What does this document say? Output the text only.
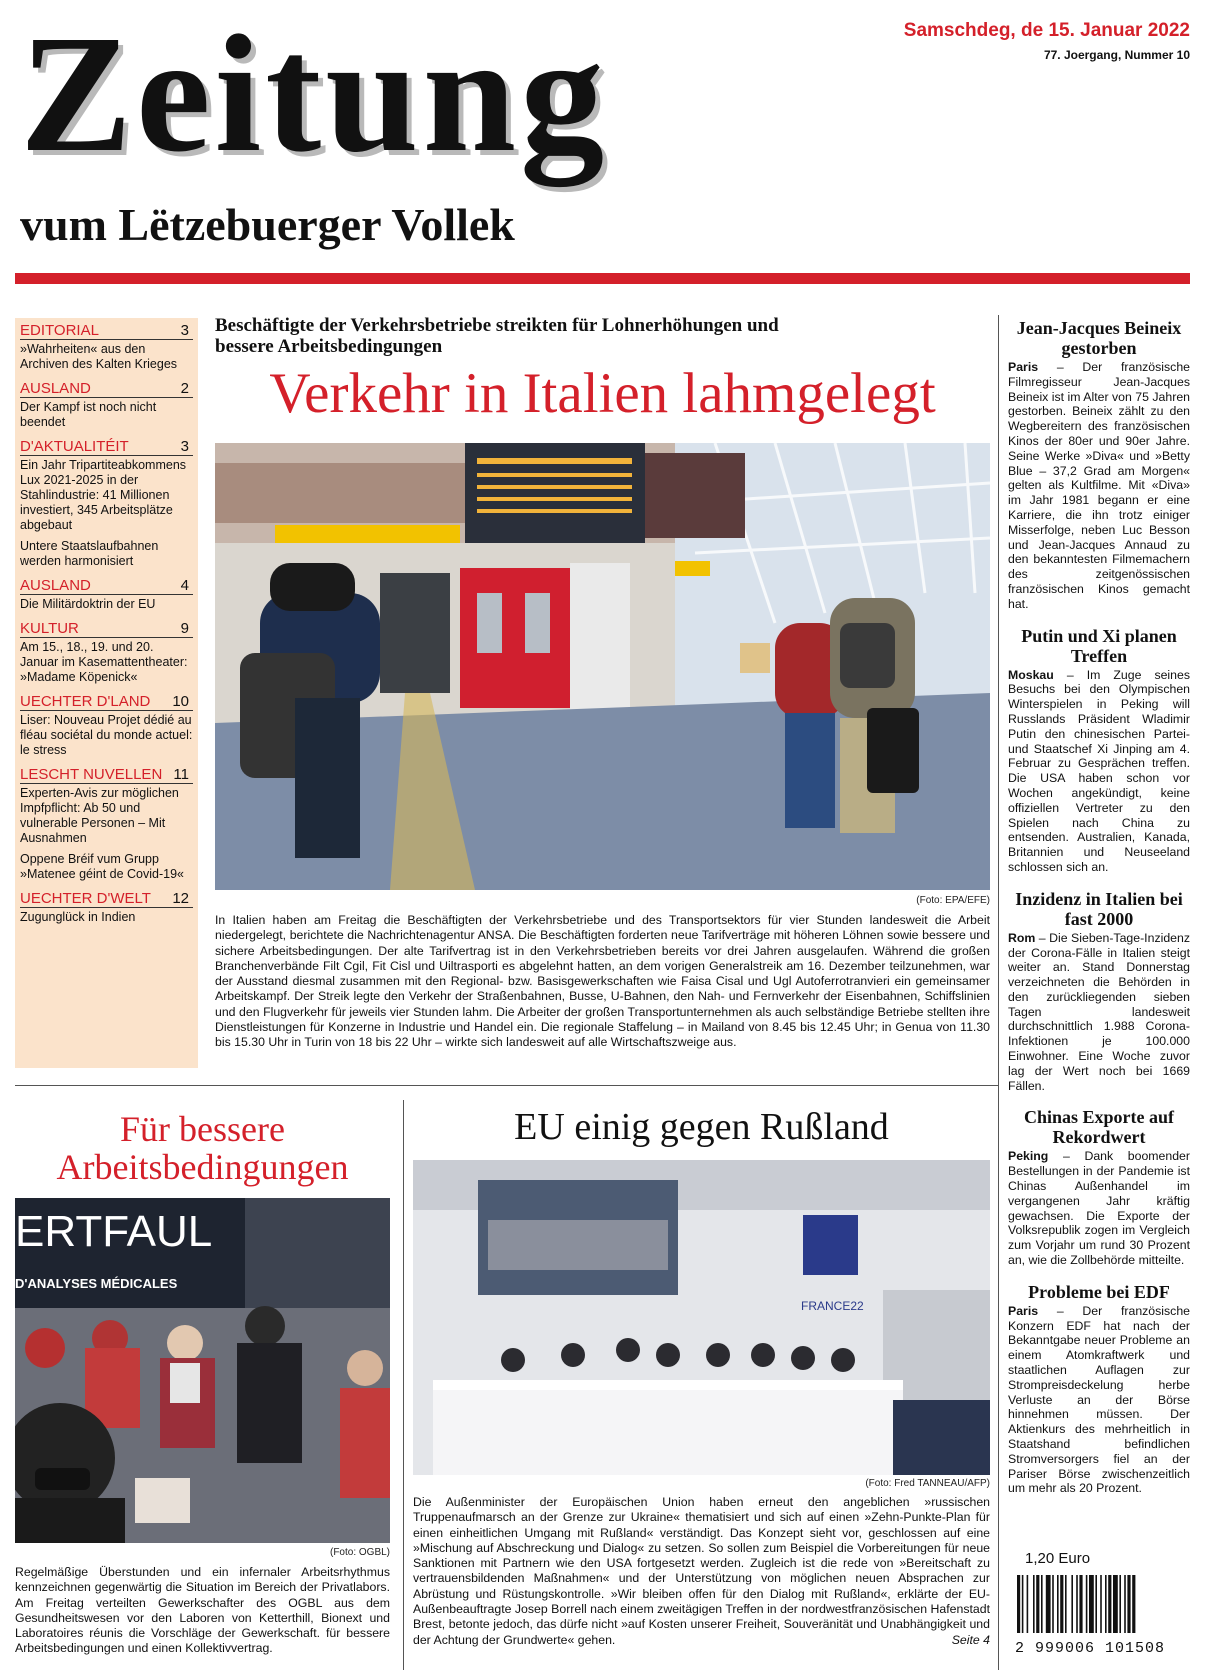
Zeitung
vum Lëtzebuerger Vollek
Samschdeg, de 15. Januar 2022
77. Joergang, Nummer 10
EDITORIAL	3
»Wahrheiten« aus den Archiven des Kalten Krieges
AUSLAND	2
Der Kampf ist noch nicht beendet
D'AKTUALITÉIT	3
Ein Jahr Tripartiteabkommens Lux 2021-2025 in der Stahlindustrie: 41 Millionen investiert, 345 Arbeitsplätze abgebaut
Untere Staatslaufbahnen werden harmonisiert
AUSLAND	4
Die Militärdoktrin der EU
KULTUR	9
Am 15., 18., 19. und 20. Januar im Kasemattentheater: »Madame Köpenick«
UECHTER D'LAND 10
Liser: Nouveau Projet dédié au fléau sociétal du monde actuel: le stress
LESCHT NUVELLEN 11
Experten-Avis zur möglichen Impfpflicht: Ab 50 und vulnerable Personen – Mit Ausnahmen
Oppene Bréif vum Grupp »Matenee géint de Covid-19«
UECHTER D'WELT 12
Zugunglück in Indien
Beschäftigte der Verkehrsbetriebe streikten für Lohnerhöhungen und bessere Arbeitsbedingungen
Verkehr in Italien lahmgelegt
(Foto: EPA/EFE)
In Italien haben am Freitag die Beschäftigten der Verkehrsbetriebe und des Transportsektors für vier Stunden landesweit die Arbeit niedergelegt, berichtete die Nachrichtenagentur ANSA. Die Beschäftigten forderten neue Tarifverträge mit höheren Löhnen sowie bessere und sichere Arbeitsbedingungen. Der alte Tarifvertrag ist in den Verkehrsbetrieben bereits vor drei Jahren ausgelaufen. Während die großen Branchenverbände Filt Cgil, Fit Cisl und Uiltrasporti es abgelehnt hatten, an dem vorigen Generalstreik am 16. Dezember teilzunehmen, war der Ausstand diesmal zusammen mit den Regional- bzw. Basisgewerkschaften wie Faisa Cisal und Ugl Autoferrotranvieri ein gemeinsamer Arbeitskampf. Der Streik legte den Verkehr der Straßenbahnen, Busse, U-Bahnen, den Nah- und Fernverkehr der Eisenbahnen, Schiffslinien und den Flugverkehr für jeweils vier Stunden lahm. Die Arbeiter der großen Transportunternehmen als auch selbständige Betriebe stellten ihre Dienstleistungen für Konzerne in Industrie und Handel ein. Die regionale Staffelung – in Mailand von 8.45 bis 12.45 Uhr; in Genua von 11.30 bis 15.30 Uhr in Turin von 18 bis 22 Uhr – wirkte sich landesweit auf alle Wirtschaftszweige aus.
Jean-Jacques Beineix gestorben

Paris – Der französische Filmregisseur Jean-Jacques Beineix ist im Alter von 75 Jahren gestorben. Beineix zählt zu den Wegbereitern des französischen Kinos der 80er und 90er Jahre. Seine Werke »Diva« und »Betty Blue – 37,2 Grad am Morgen« gelten als Kultfilme. Mit «Diva» im Jahr 1981 begann er eine Karriere, die ihn trotz einiger Misserfolge, neben Luc Besson und Jean-Jacques Annaud zu den bekanntesten Filmemachern des zeitgenössischen französischen Kinos gemacht hat.

Putin und Xi planen Treffen

Moskau – Im Zuge seines Besuchs bei den Olympischen Winterspielen in Peking will Russlands Präsident Wladimir Putin den chinesischen Partei- und Staatschef Xi Jinping am 4. Februar zu Gesprächen treffen. Die USA haben schon vor Wochen angekündigt, keine offiziellen Vertreter zu den Spielen nach China zu entsenden. Australien, Kanada, Britannien und Neuseeland schlossen sich an.

Inzidenz in Italien bei fast 2000

Rom – Die Sieben-Tage-Inzidenz der Corona-Fälle in Italien steigt weiter an. Stand Donnerstag verzeichneten die Behörden in den zurückliegenden sieben Tagen landesweit durchschnittlich 1.988 Corona-Infektionen je 100.000 Einwohner. Eine Woche zuvor lag der Wert noch bei 1669 Fällen.

Chinas Exporte auf Rekordwert

Peking – Dank boomender Bestellungen in der Pandemie ist Chinas Außenhandel im vergangenen Jahr kräftig gewachsen. Die Exporte der Volksrepublik zogen im Vergleich zum Vorjahr um rund 30 Prozent an, wie die Zollbehörde mitteilte.

Probleme bei EDF

Paris – Der französische Konzern EDF hat nach der Bekanntgabe neuer Probleme an einem Atomkraftwerk und staatlichen Auflagen zur Strompreisdeckelung herbe Verluste an der Börse hinnehmen müssen. Der Aktienkurs des mehrheitlich in Staatshand befindlichen Stromversorgers fiel an der Pariser Börse zwischenzeitlich um mehr als 20 Prozent.

Für bessere Arbeitsbedingungen
ERTFAUL
D'ANALYSES MÉDICALES
(Foto: OGBL)
Regelmäßige Überstunden und ein infernaler Arbeitsrhythmus kennzeichnen gegenwärtig die Situation im Bereich der Privatlabors. Am Freitag verteilten Gewerkschafter des OGBL aus dem Gesundheitswesen vor den Laboren von Ketterthill, Bionext und Laboratoires réunis die Vorschläge der Gewerkschaft. für bessere Arbeitsbedingungen und einen Kollektivvertrag.
EU einig gegen Rußland
FRANCE22
(Foto: Fred TANNEAU/AFP)
Die Außenminister der Europäischen Union haben erneut den angeblichen »russischen Truppenaufmarsch an der Grenze zur Ukraine« thematisiert und sich auf einen »Zehn-Punkte-Plan für einen einheitlichen Umgang mit Rußland« verständigt. Das Konzept sieht vor, geschlossen auf eine »Mischung auf Abschreckung und Dialog« zu setzen. So sollen zum Beispiel die Vorbereitungen für neue Sanktionen mit Partnern wie den USA fortgesetzt werden. Zugleich ist die rede von »Bereitschaft zu vertrauensbildenden Maßnahmen« und der Unterstützung von möglichen neuen Absprachen zur Abrüstung und Rüstungskontrolle. »Wir bleiben offen für den Dialog mit Rußland«, erklärte der EU-Außenbeauftragte Josep Borrell nach einem zweitägigen Treffen in der nordwestfranzösischen Hafenstadt Brest, betonte jedoch, das dürfe nicht »auf Kosten unserer Freiheit, Souveränität und Unabhängigkeit und der Achtung der Grundwerte« gehen.	Seite 4
1,20 Euro
2 999006 101508
